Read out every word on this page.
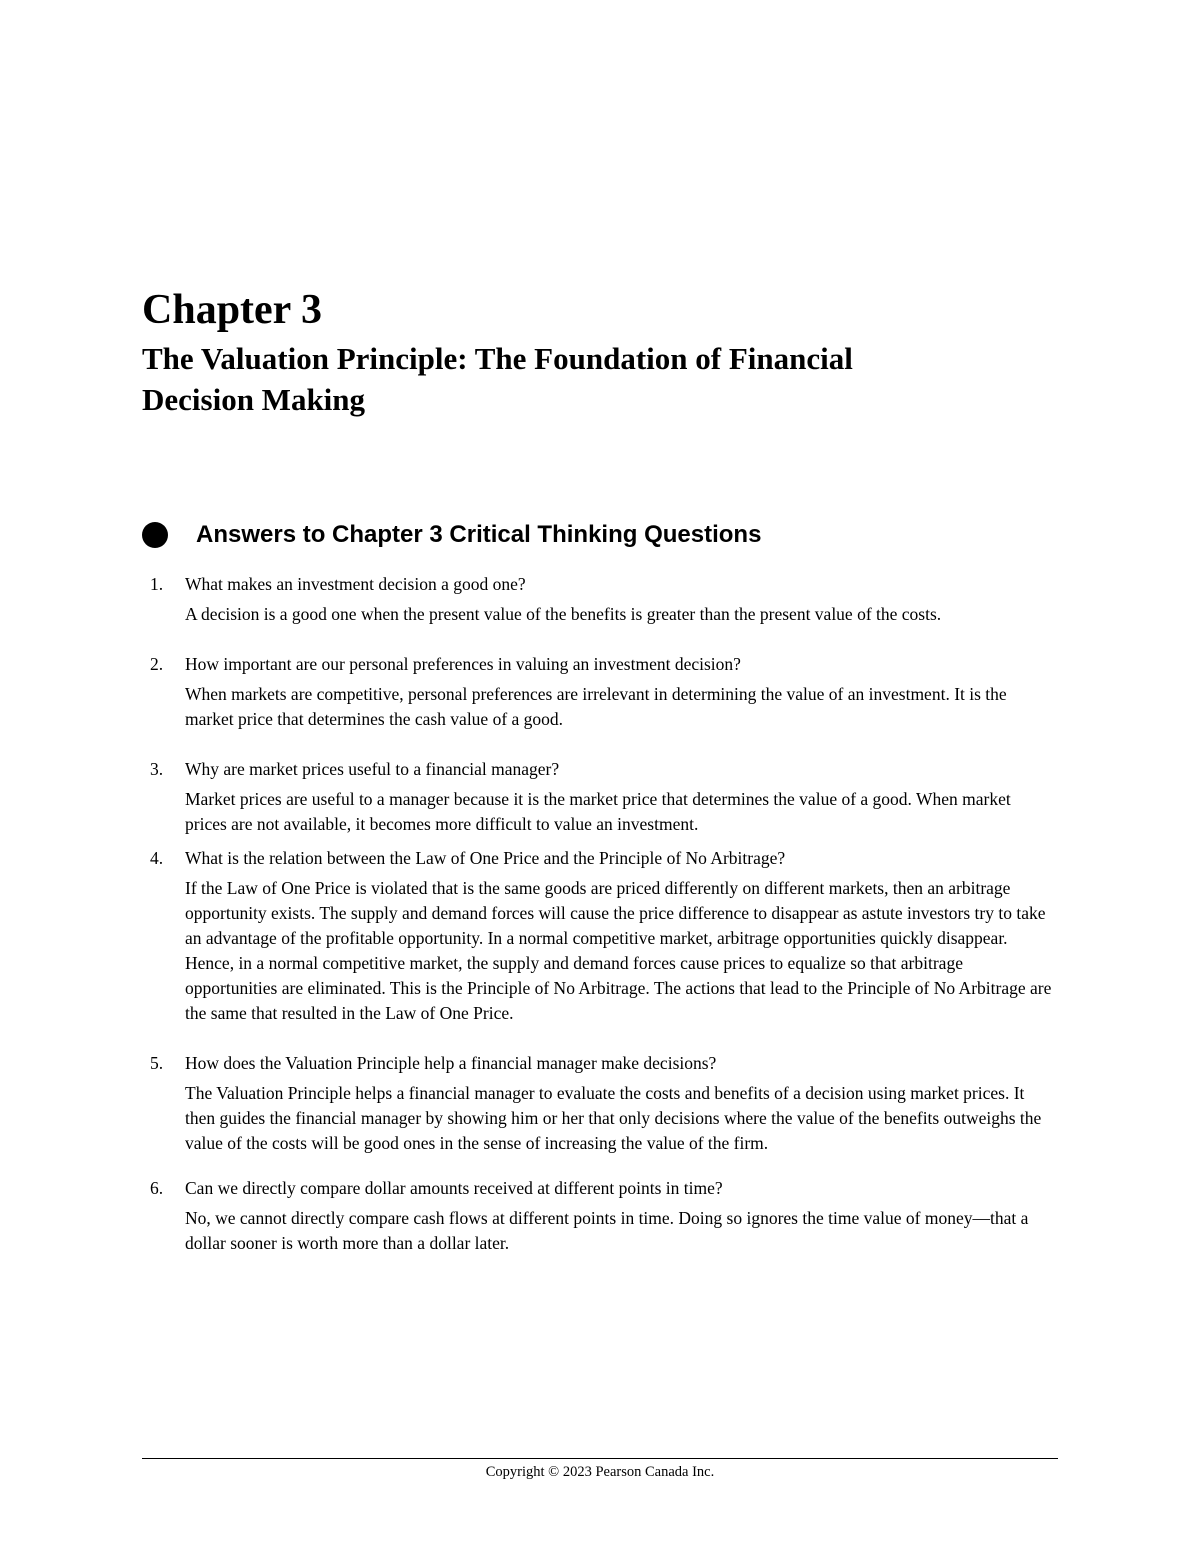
Chapter 3
The Valuation Principle: The Foundation of Financial
Decision Making
Answers to Chapter 3 Critical Thinking Questions
1. What makes an investment decision a good one?

A decision is a good one when the present value of the benefits is greater than the present value of the costs.

2. How important are our personal preferences in valuing an investment decision?

When markets are competitive, personal preferences are irrelevant in determining the value of an investment. It is the market price that determines the cash value of a good.

3. Why are market prices useful to a financial manager?

Market prices are useful to a manager because it is the market price that determines the value of a good. When market prices are not available, it becomes more difficult to value an investment.

4. What is the relation between the Law of One Price and the Principle of No Arbitrage?

If the Law of One Price is violated that is the same goods are priced differently on different markets, then an arbitrage opportunity exists. The supply and demand forces will cause the price difference to disappear as astute investors try to take an advantage of the profitable opportunity. In a normal competitive market, arbitrage opportunities quickly disappear. Hence, in a normal competitive market, the supply and demand forces cause prices to equalize so that arbitrage opportunities are eliminated. This is the Principle of No Arbitrage. The actions that lead to the Principle of No Arbitrage are the same that resulted in the Law of One Price.

5. How does the Valuation Principle help a financial manager make decisions?

The Valuation Principle helps a financial manager to evaluate the costs and benefits of a decision using market prices. It then guides the financial manager by showing him or her that only decisions where the value of the benefits outweighs the value of the costs will be good ones in the sense of increasing the value of the firm.

6. Can we directly compare dollar amounts received at different points in time?

No, we cannot directly compare cash flows at different points in time. Doing so ignores the time value of money—that a dollar sooner is worth more than a dollar later.

Copyright © 2023 Pearson Canada Inc.
